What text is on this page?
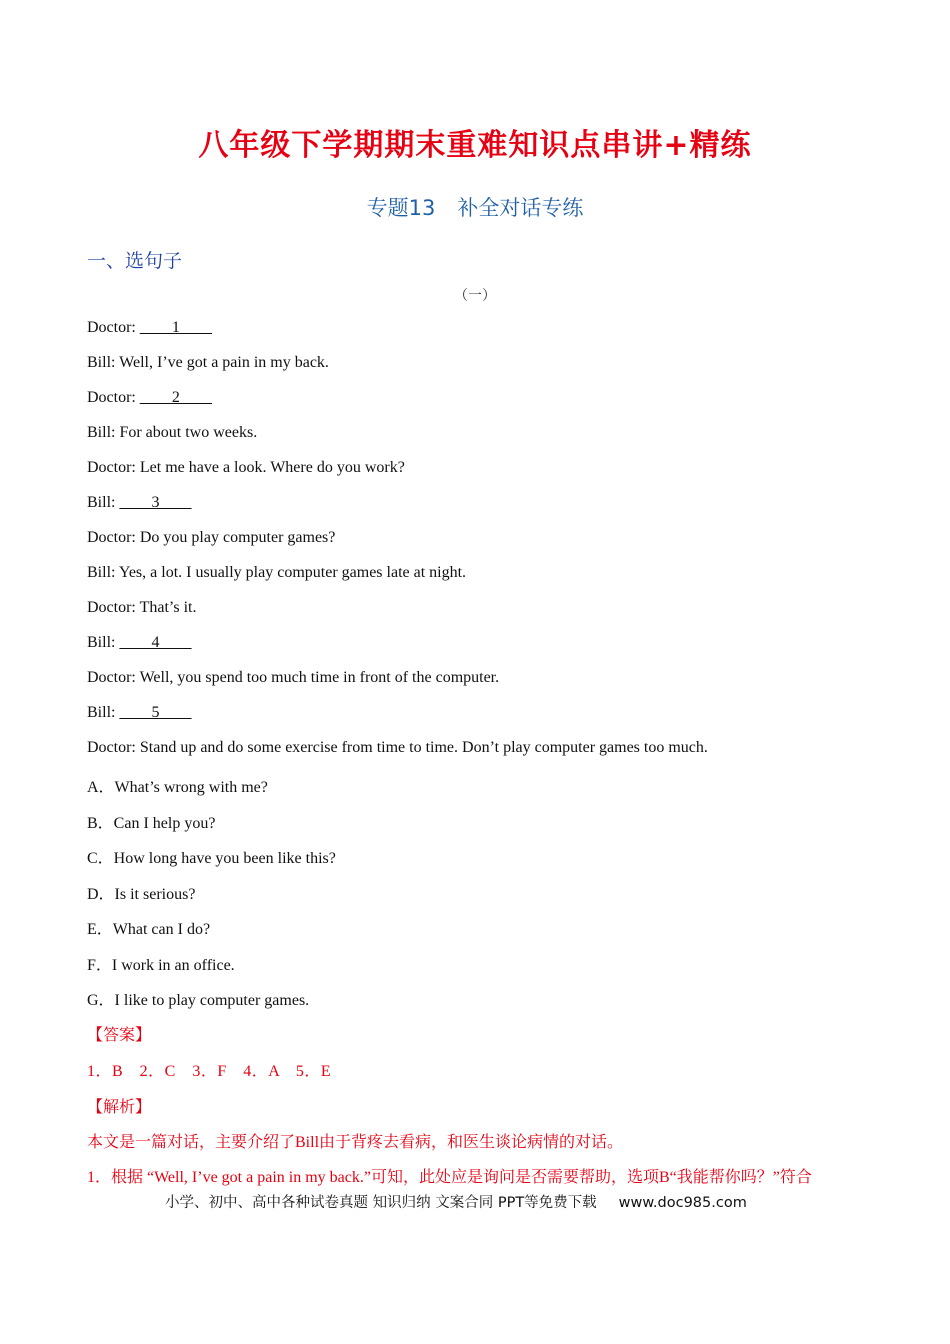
八年级下学期期末重难知识点串讲+精练
专题13 补全对话专练
一、选句子
（一）
Doctor: ____1____
Bill: Well, I’ve got a pain in my back.
Doctor: ____2____
Bill: For about two weeks.
Doctor: Let me have a look. Where do you work?
Bill: ____3____
Doctor: Do you play computer games?
Bill: Yes, a lot. I usually play computer games late at night.
Doctor: That’s it.
Bill: ____4____
Doctor: Well, you spend too much time in front of the computer.
Bill: ____5____
Doctor: Stand up and do some exercise from time to time. Don’t play computer games too much.
A．What’s wrong with me?
B．Can I help you?
C．How long have you been like this?
D．Is it serious?
E．What can I do?
F．I work in an office.
G．I like to play computer games.
【答案】
1．B　2．C　3．F　4．A　5．E
【解析】
本文是一篇对话，主要介绍了Bill由于背疼去看病，和医生谈论病情的对话。
1．根据 “Well, I’ve got a pain in my back.”可知，此处应是询问是否需要帮助，选项B“我能帮你吗？”符合
小学、初中、高中各种试卷真题 知识归纳 文案合同 PPT等免费下载 www.doc985.com
